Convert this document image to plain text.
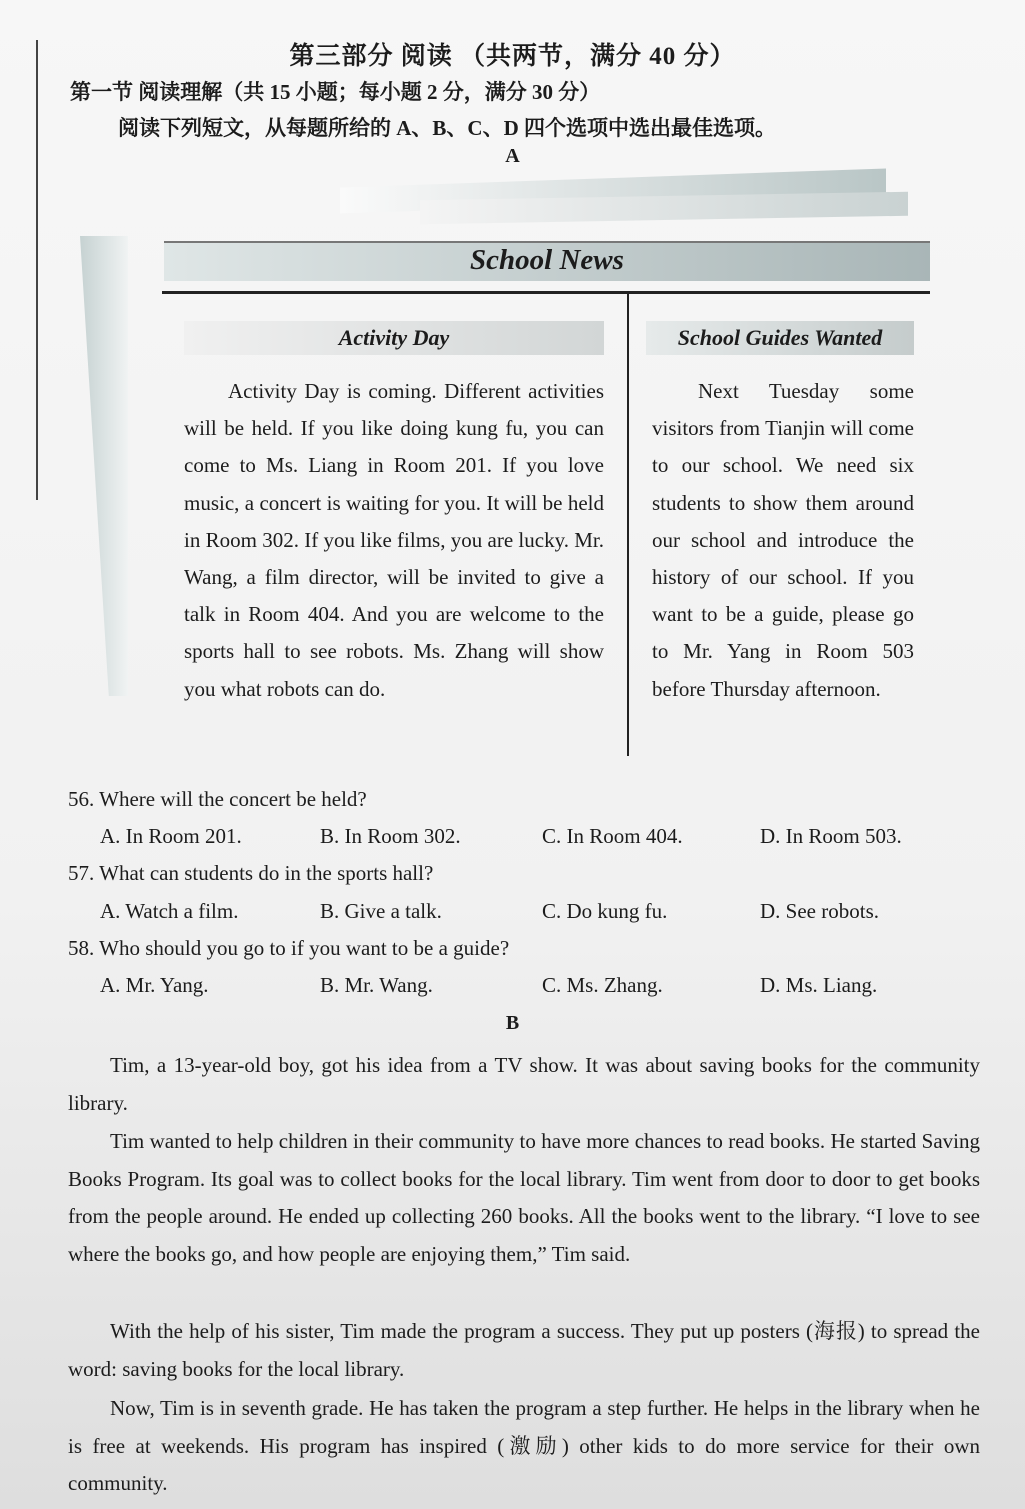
第三部分 阅读 （共两节，满分 40 分）
第一节 阅读理解（共 15 小题；每小题 2 分，满分 30 分）
阅读下列短文，从每题所给的 A、B、C、D 四个选项中选出最佳选项。
A
School News
Activity Day

Activity Day is coming. Different activities will be held. If you like doing kung fu, you can come to Ms. Liang in Room 201. If you love music, a concert is waiting for you. It will be held in Room 302. If you like films, you are lucky. Mr. Wang, a film director, will be invited to give a talk in Room 404. And you are welcome to the sports hall to see robots. Ms. Zhang will show you what robots can do.

School Guides Wanted

Next Tuesday some visitors from Tianjin will come to our school. We need six students to show them around our school and introduce the history of our school. If you want to be a guide, please go to Mr. Yang in Room 503 before Thursday afternoon.

56. Where will the concert be held?
A. In Room 201.	B. In Room 302.	C. In Room 404.	D. In Room 503.
57. What can students do in the sports hall?
A. Watch a film.	B. Give a talk.	C. Do kung fu.	D. See robots.
58. Who should you go to if you want to be a guide?
A. Mr. Yang.	B. Mr. Wang.	C. Ms. Zhang.	D. Ms. Liang.
B

Tim, a 13-year-old boy, got his idea from a TV show. It was about saving books for the community library.

Tim wanted to help children in their community to have more chances to read books. He started Saving Books Program. Its goal was to collect books for the local library. Tim went from door to door to get books from the people around. He ended up collecting 260 books. All the books went to the library. “I love to see where the books go, and how people are enjoying them,” Tim said.

With the help of his sister, Tim made the program a success. They put up posters (海报) to spread the word: saving books for the local library.

Now, Tim is in seventh grade. He has taken the program a step further. He helps in the library when he is free at weekends. His program has inspired (激励) other kids to do more service for their own community.
